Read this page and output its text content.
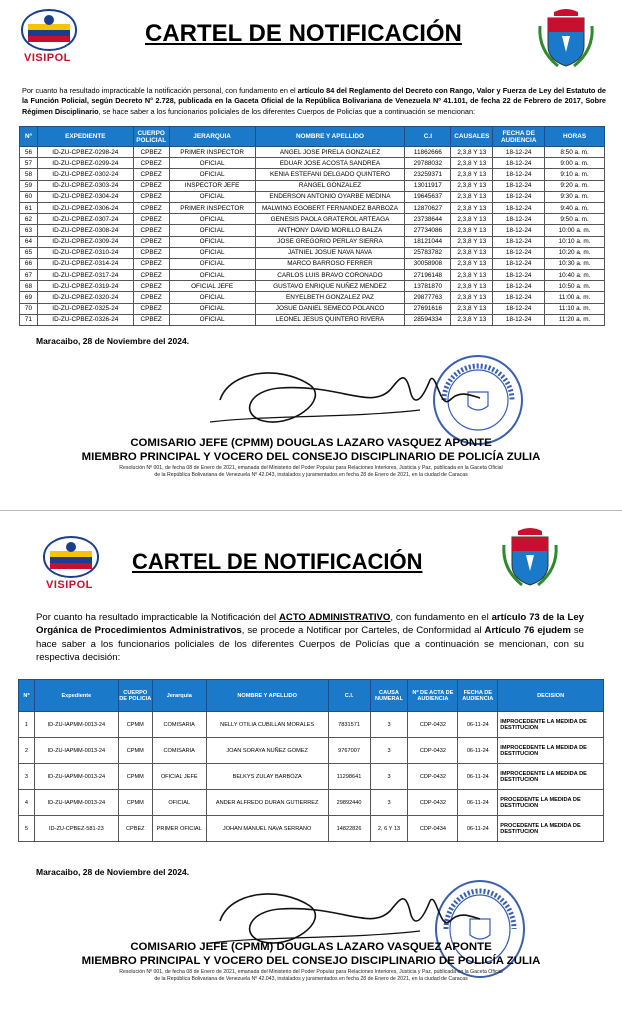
VISIPOL
CARTEL DE NOTIFICACIÓN
Por cuanto ha resultado impracticable la notificación personal, con fundamento en el artículo 84 del Reglamento del Decreto con Rango, Valor y Fuerza de Ley del Estatuto de la Función Policial, según Decreto N° 2.728, publicada en la Gaceta Oficial de la República Bolivariana de Venezuela Nº 41.101, de fecha 22 de Febrero de 2017, Sobre Régimen Disciplinario, se hace saber a los funcionarios policiales de los diferentes Cuerpos de Policías que a continuación se mencionan:
Nº	EXPEDIENTE	CUERPO POLICIAL	JERARQUIA	NOMBRE Y APELLIDO	C.I	CAUSALES	FECHA DE AUDIENCIA	HORAS
56	ID-ZU-CPBEZ-0298-24	CPBEZ	PRIMER INSPECTOR	ANGEL JOSE PIRELA GONZALEZ	11862666	2,3,8 Y 13	18-12-24	8:50 a. m.
57	ID-ZU-CPBEZ-0299-24	CPBEZ	OFICIAL	EDUAR JOSE ACOSTA SANDREA	29788032	2,3,8 Y 13	18-12-24	9:00 a. m.
58	ID-ZU-CPBEZ-0302-24	CPBEZ	OFICIAL	KENIA ESTEFANI DELGADO QUINTERO	23259371	2,3,8 Y 13	18-12-24	9:10 a. m.
59	ID-ZU-CPBEZ-0303-24	CPBEZ	INSPECTOR JEFE	RANGEL GONZALEZ	13011917	2,3,8 Y 13	18-12-24	9:20 a. m.
60	ID-ZU-CPBEZ-0304-24	CPBEZ	OFICIAL	ENDERSON ANTONIO OYARBE MEDINA	19645637	2,3,8 Y 13	18-12-24	9:30 a. m.
61	ID-ZU-CPBEZ-0306-24	CPBEZ	PRIMER INSPECTOR	MALWING EGOBERT FERNANDEZ BARBOZA	12870627	2,3,8 Y 13	18-12-24	9:40 a. m.
62	ID-ZU-CPBEZ-0307-24	CPBEZ	OFICIAL	GENESIS PAOLA GRATEROL ARTEAGA	23738644	2,3,8 Y 13	18-12-24	9:50 a. m.
63	ID-ZU-CPBEZ-0308-24	CPBEZ	OFICIAL	ANTHONY DAVID MORILLO BALZA	27734086	2,3,8 Y 13	18-12-24	10:00 a. m.
64	ID-ZU-CPBEZ-0309-24	CPBEZ	OFICIAL	JOSE GREGORIO PERLAY SIERRA	18121044	2,3,8 Y 13	18-12-24	10:10 a. m.
65	ID-ZU-CPBEZ-0310-24	CPBEZ	OFICIAL	JATNIEL JOSUE NAVA NAVA	25783782	2,3,8 Y 13	18-12-24	10:20 a. m.
66	ID-ZU-CPBEZ-0314-24	CPBEZ	OFICIAL	MARCO BARROSO FERRER	30058908	2,3,8 Y 13	18-12-24	10:30 a. m.
67	ID-ZU-CPBEZ-0317-24	CPBEZ	OFICIAL	CARLOS LUIS BRAVO CORONADO	27196148	2,3,8 Y 13	18-12-24	10:40 a. m.
68	ID-ZU-CPBEZ-0319-24	CPBEZ	OFICIAL JEFE	GUSTAVO ENRIQUE NUÑEZ MENDEZ	13781870	2,3,8 Y 13	18-12-24	10:50 a. m.
69	ID-ZU-CPBEZ-0320-24	CPBEZ	OFICIAL	ENYELBETH GONZALEZ PAZ	29877763	2,3,8 Y 13	18-12-24	11:00 a. m.
70	ID-ZU-CPBEZ-0325-24	CPBEZ	OFICIAL	JOSUE DANIEL SEMECO POLANCO	27691616	2,3,8 Y 13	18-12-24	11:10 a. m.
71	ID-ZU-CPBEZ-0326-24	CPBEZ	OFICIAL	LEONEL JESUS QUINTERO RIVERA	28594334	2,3,8 Y 13	18-12-24	11:20 a. m.
Maracaibo, 28 de Noviembre del 2024.
COMISARIO JEFE (CPMM) DOUGLAS LAZARO VASQUEZ APONTE
MIEMBRO PRINCIPAL Y VOCERO DEL CONSEJO DISCIPLINARIO DE POLICÍA ZULIA
Resolución Nº 001, de fecha 08 de Enero de 2021, emanada del Ministerio del Poder Popular para Relaciones Interiores, Justicia y Paz, publicada en la Gaceta Oficial
de la República Bolivariana de Venezuela Nº 42.043, instalados y juramentados en fecha 28 de Enero de 2021, en la ciudad de Caracas
VISIPOL
CARTEL DE NOTIFICACIÓN
Por cuanto ha resultado impracticable la Notificación del ACTO ADMINISTRATIVO, con fundamento en el artículo 73 de la Ley Orgánica de Procedimientos Administrativos, se procede a Notificar por Carteles, de Conformidad al Artículo 76 ejudem se hace saber a los funcionarios policiales de los diferentes Cuerpos de Policías que a continuación se mencionan, con su respectiva decisión:
Nº	Expediente	CUERPO DE POLICIA	Jerarquia	NOMBRE Y APELLIDO	C.I.	CAUSA NUMERAL	Nº DE ACTA DE AUDIENCIA	FECHA DE AUDIENCIA	DECISION
1	ID-ZU-IAPMM-0013-24	CPMM	COMISARIA	NELLY OTILIA CUBILLAN MORALES	7831571	3	CDP-0432	06-11-24	IMPROCEDENTE LA MEDIDA DE DESTITUCION
2	ID-ZU-IAPMM-0013-24	CPMM	COMISARIA	JOAN SORAYA NUÑEZ GOMEZ	9767007	3	CDP-0432	06-11-24	IMPROCEDENTE LA MEDIDA DE DESTITUCION
3	ID-ZU-IAPMM-0013-24	CPMM	OFICIAL JEFE	BELKYS ZULAY BARBOZA	11298641	3	CDP-0432	06-11-24	IMPROCEDENTE LA MEDIDA DE DESTITUCION
4	ID-ZU-IAPMM-0013-24	CPMM	OFICIAL	ANDER ALFREDO DURAN GUTIERREZ	29892440	3	CDP-0432	06-11-24	PROCEDENTE LA MEDIDA DE DESTITUCION
5	ID-ZU-CPBEZ-581-23	CPBEZ	PRIMER OFICIAL	JOHAN MANUEL NAVA SERRANO	14822826	2, 6 Y 13	CDP-0434	06-11-24	PROCEDENTE LA MEDIDA DE DESTITUCION
Maracaibo, 28 de Noviembre del 2024.
COMISARIO JEFE (CPMM) DOUGLAS LAZARO VASQUEZ APONTE
MIEMBRO PRINCIPAL Y VOCERO DEL CONSEJO DISCIPLINARIO DE POLICÍA ZULIA
Resolución Nº 001, de fecha 08 de Enero de 2021, emanada del Ministerio del Poder Popular para Relaciones Interiores, Justicia y Paz, publicada en la Gaceta Oficial
de la República Bolivariana de Venezuela Nº 42.043, instalados y juramentados en fecha 28 de Enero de 2021, en la ciudad de Caracas
